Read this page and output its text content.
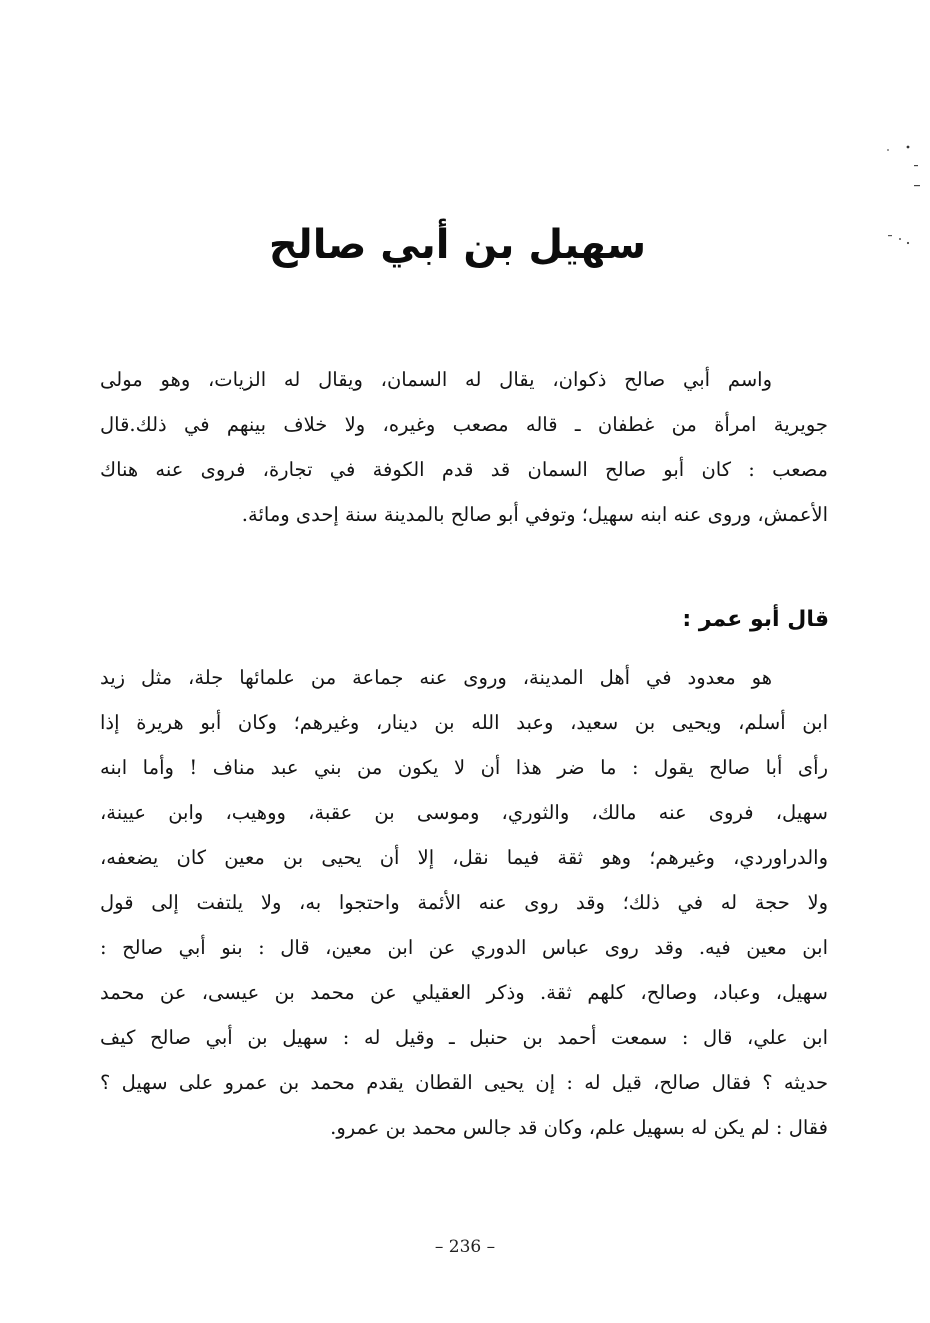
سهيل بن أبي صالح
واسم أبي صالح ذكوان، يقال له السمان، ويقال له الزيات، وهو مولى
جويرية امرأة من غطفان ـ قاله مصعب وغيره، ولا خلاف بينهم في ذلك.قال
مصعب : كان أبو صالح السمان قد قدم الكوفة في تجارة، فروى عنه هناك
الأعمش، وروى عنه ابنه سهيل؛ وتوفي أبو صالح بالمدينة سنة إحدى ومائة.
قال أبو عمر :
هو معدود في أهل المدينة، وروى عنه جماعة من علمائها جلة، مثل زيد
ابن أسلم، ويحيى بن سعيد، وعبد الله بن دينار، وغيرهم؛ وكان أبو هريرة إذا
رأى أبا صالح يقول : ما ضر هذا أن لا يكون من بني عبد مناف ! وأما ابنه
سهيل، فروى عنه مالك، والثوري، وموسى بن عقبة، ووهيب، وابن عيينة،
والدراوردي، وغيرهم؛ وهو ثقة فيما نقل، إلا أن يحيى بن معين كان يضعفه،
ولا حجة له في ذلك؛ وقد روى عنه الأئمة واحتجوا به، ولا يلتفت إلى قول
ابن معين فيه. وقد روى عباس الدوري عن ابن معين، قال : بنو أبي صالح :
سهيل، وعباد، وصالح، كلهم ثقة. وذكر العقيلي عن محمد بن عيسى، عن محمد
ابن علي، قال : سمعت أحمد بن حنبل ـ وقيل له : سهيل بن أبي صالح كيف
حديثه ؟ فقال صالح، قيل له : إن يحيى القطان يقدم محمد بن عمرو على سهيل ؟
فقال : لم يكن له بسهيل علم، وكان قد جالس محمد بن عمرو.
– 236 –
